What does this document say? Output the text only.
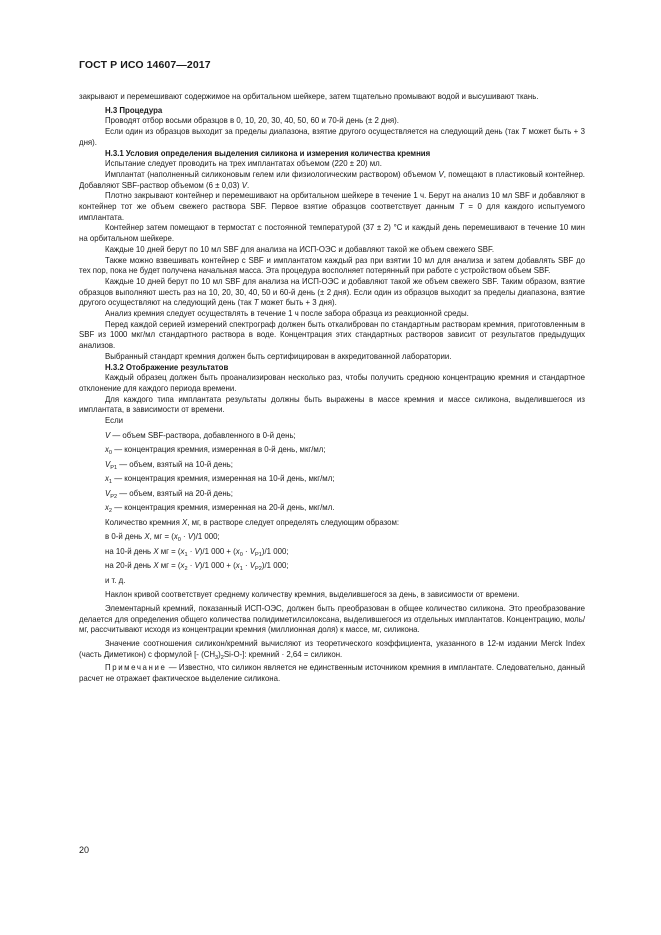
ГОСТ Р ИСО 14607—2017

закрывают и перемешивают содержимое на орбитальном шейкере, затем тщательно промывают водой и высушивают ткань.

Н.3 Процедура

Проводят отбор восьми образцов в 0, 10, 20, 30, 40, 50, 60 и 70-й день (± 2 дня).

Если один из образцов выходит за пределы диапазона, взятие другого осуществляется на следующий день (так T может быть + 3 дня).

Н.3.1 Условия определения выделения силикона и измерения количества кремния

Испытание следует проводить на трех имплантатах объемом (220 ± 20) мл.

Имплантат (наполненный силиконовым гелем или физиологическим раствором) объемом V, помещают в пластиковый контейнер. Добавляют SBF-раствор объемом (6 ± 0,03) V.

Плотно закрывают контейнер и перемешивают на орбитальном шейкере в течение 1 ч. Берут на анализ 10 мл SBF и добавляют в контейнер тот же объем свежего раствора SBF. Первое взятие образцов соответствует данным T = 0 для каждого испытуемого имплантата.

Контейнер затем помещают в термостат с постоянной температурой (37 ± 2) °С и каждый день перемешивают в течение 10 мин на орбитальном шейкере.

Каждые 10 дней берут по 10 мл SBF для анализа на ИСП-ОЭС и добавляют такой же объем свежего SBF.

Также можно взвешивать контейнер с SBF и имплантатом каждый раз при взятии 10 мл для анализа и затем добавлять SBF до тех пор, пока не будет получена начальная масса. Эта процедура восполняет потерянный при работе с устройством объем SBF.

Каждые 10 дней берут по 10 мл SBF для анализа на ИСП-ОЭС и добавляют такой же объем свежего SBF. Таким образом, взятие образцов выполняют шесть раз на 10, 20, 30, 40, 50 и 60-й день (± 2 дня). Если один из образцов выходит за пределы диапазона, взятие другого осуществляют на следующий день (так T может быть + 3 дня).

Анализ кремния следует осуществлять в течение 1 ч после забора образца из реакционной среды.

Перед каждой серией измерений спектрограф должен быть откалиброван по стандартным растворам кремния, приготовленным в SBF из 1000 мкг/мл стандартного раствора в воде. Концентрация этих стандартных растворов зависит от результатов предыдущих анализов.

Выбранный стандарт кремния должен быть сертифицирован в аккредитованной лаборатории.

Н.3.2 Отображение результатов

Каждый образец должен быть проанализирован несколько раз, чтобы получить среднюю концентрацию кремния и стандартное отклонение для каждого периода времени.

Для каждого типа имплантата результаты должны быть выражены в массе кремния и массе силикона, выделившегося из имплантата, в зависимости от времени.

Если

V — объем SBF-раствора, добавленного в 0-й день;

$x_0$ — концентрация кремния, измеренная в 0-й день, мкг/мл;

$V_{P1}$ — объем, взятый на 10-й день;

$x_1$ — концентрация кремния, измеренная на 10-й день, мкг/мл;

$V_{P2}$ — объем, взятый на 20-й день;

$x_2$ — концентрация кремния, измеренная на 20-й день, мкг/мл.

Количество кремния X, мг, в растворе следует определять следующим образом:

в 0-й день X, мг = $(x_0 \cdot V)/1$ 000;

на 10-й день X мг = $(x_1 \cdot V)/1$ $000 + (x_0 \cdot V_{P1})/1$ 000;

на 20-й день X мг = $(x_2 \cdot V)/1$ $000 + (x_1 \cdot V_{P2})/1$ 000;

и т. д.

Наклон кривой соответствует среднему количеству кремния, выделившегося за день, в зависимости от времени.

Элементарный кремний, показанный ИСП-ОЭС, должен быть преобразован в общее количество силикона. Это преобразование делается для определения общего количества полидиметилсилоксана, выделившегося из отдельных имплантатов. Концентрацию, моль/мг, рассчитывают исходя из концентрации кремния (миллионная доля) к массе, мг, силикона.

Значение соотношения силикон/кремний вычисляют из теоретического коэффициента, указанного в 12-м издании Merck Index (часть Диметикон) с формулой [- $(СН_3)_2Si-O-$]: кремний · 2,64 = силикон.

Примечание — Известно, что силикон является не единственным источником кремния в имплантате. Следовательно, данный расчет не отражает фактическое выделение силикона.

20
